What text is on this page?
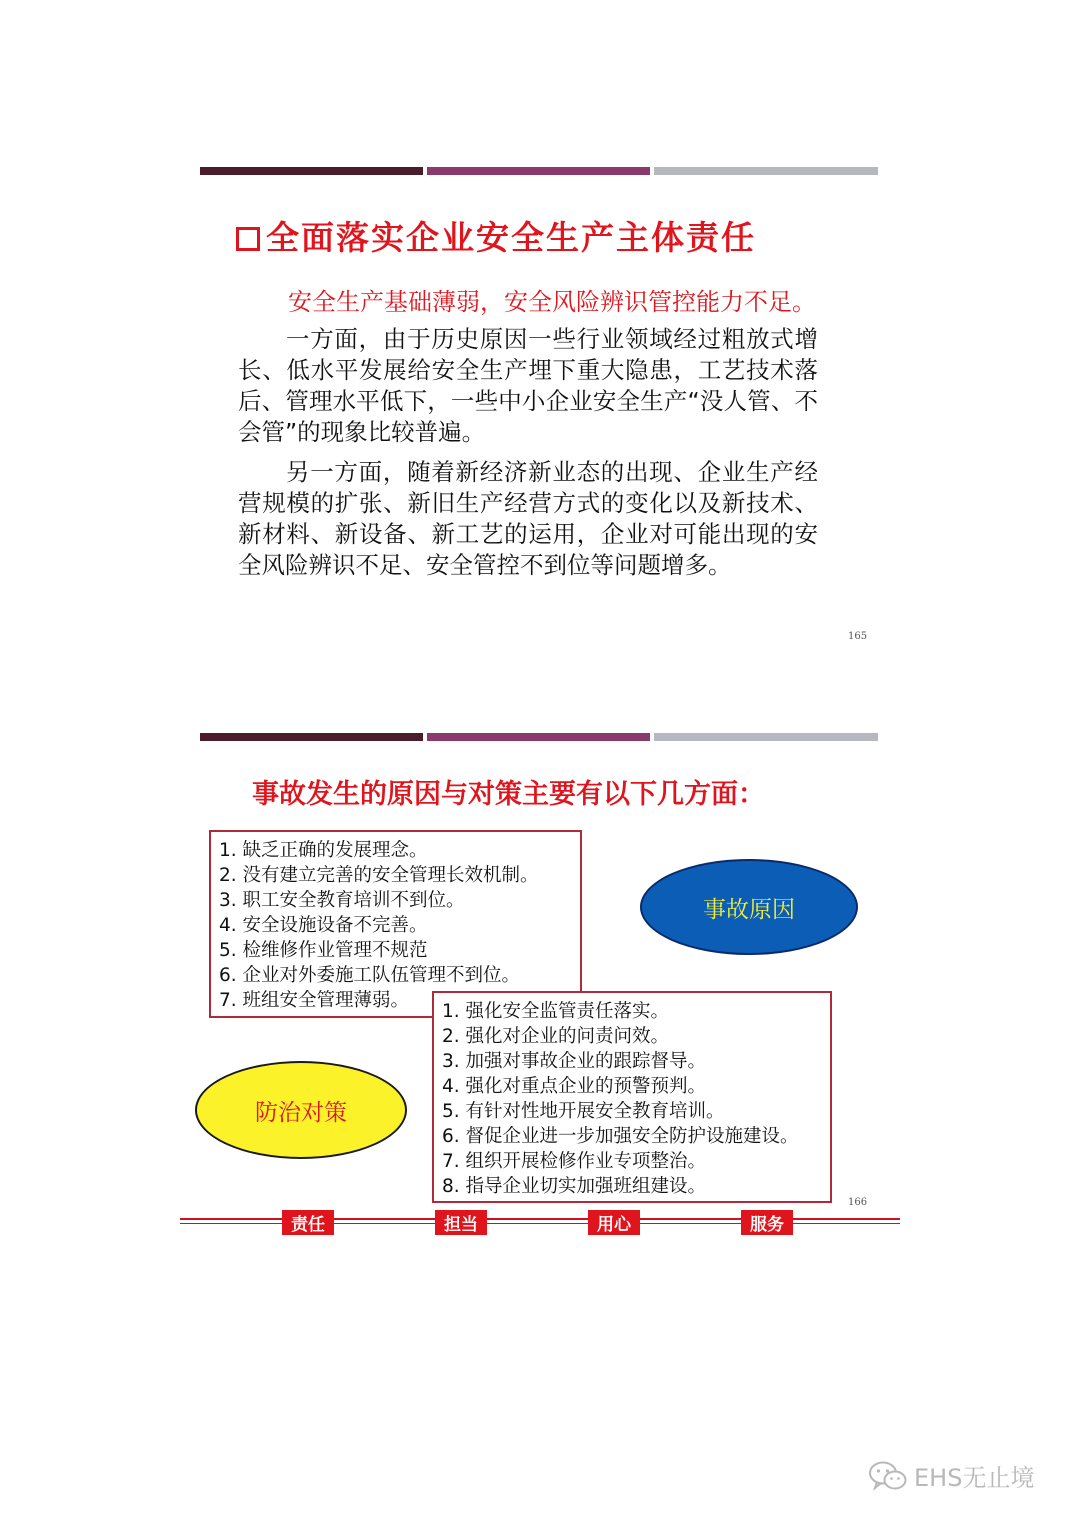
全面落实企业安全生产主体责任
安全生产基础薄弱，安全风险辨识管控能力不足。
一方面，由于历史原因一些行业领域经过粗放式增长、低水平发展给安全生产埋下重大隐患，工艺技术落后、管理水平低下，一些中小企业安全生产“没人管、不会管”的现象比较普遍。
另一方面，随着新经济新业态的出现、企业生产经营规模的扩张、新旧生产经营方式的变化以及新技术、新材料、新设备、新工艺的运用，企业对可能出现的安全风险辨识不足、安全管控不到位等问题增多。
165
事故发生的原因与对策主要有以下几方面：
1. 缺乏正确的发展理念。
2. 没有建立完善的安全管理长效机制。
3. 职工安全教育培训不到位。
4. 安全设施设备不完善。
5. 检维修作业管理不规范
6. 企业对外委施工队伍管理不到位。
7. 班组安全管理薄弱。
事故原因
1. 强化安全监管责任落实。
2. 强化对企业的问责问效。
3. 加强对事故企业的跟踪督导。
4. 强化对重点企业的预警预判。
5. 有针对性地开展安全教育培训。
6. 督促企业进一步加强安全防护设施建设。
7. 组织开展检修作业专项整治。
8. 指导企业切实加强班组建设。
防治对策
166
责任	担当	用心	服务
EHS无止境
